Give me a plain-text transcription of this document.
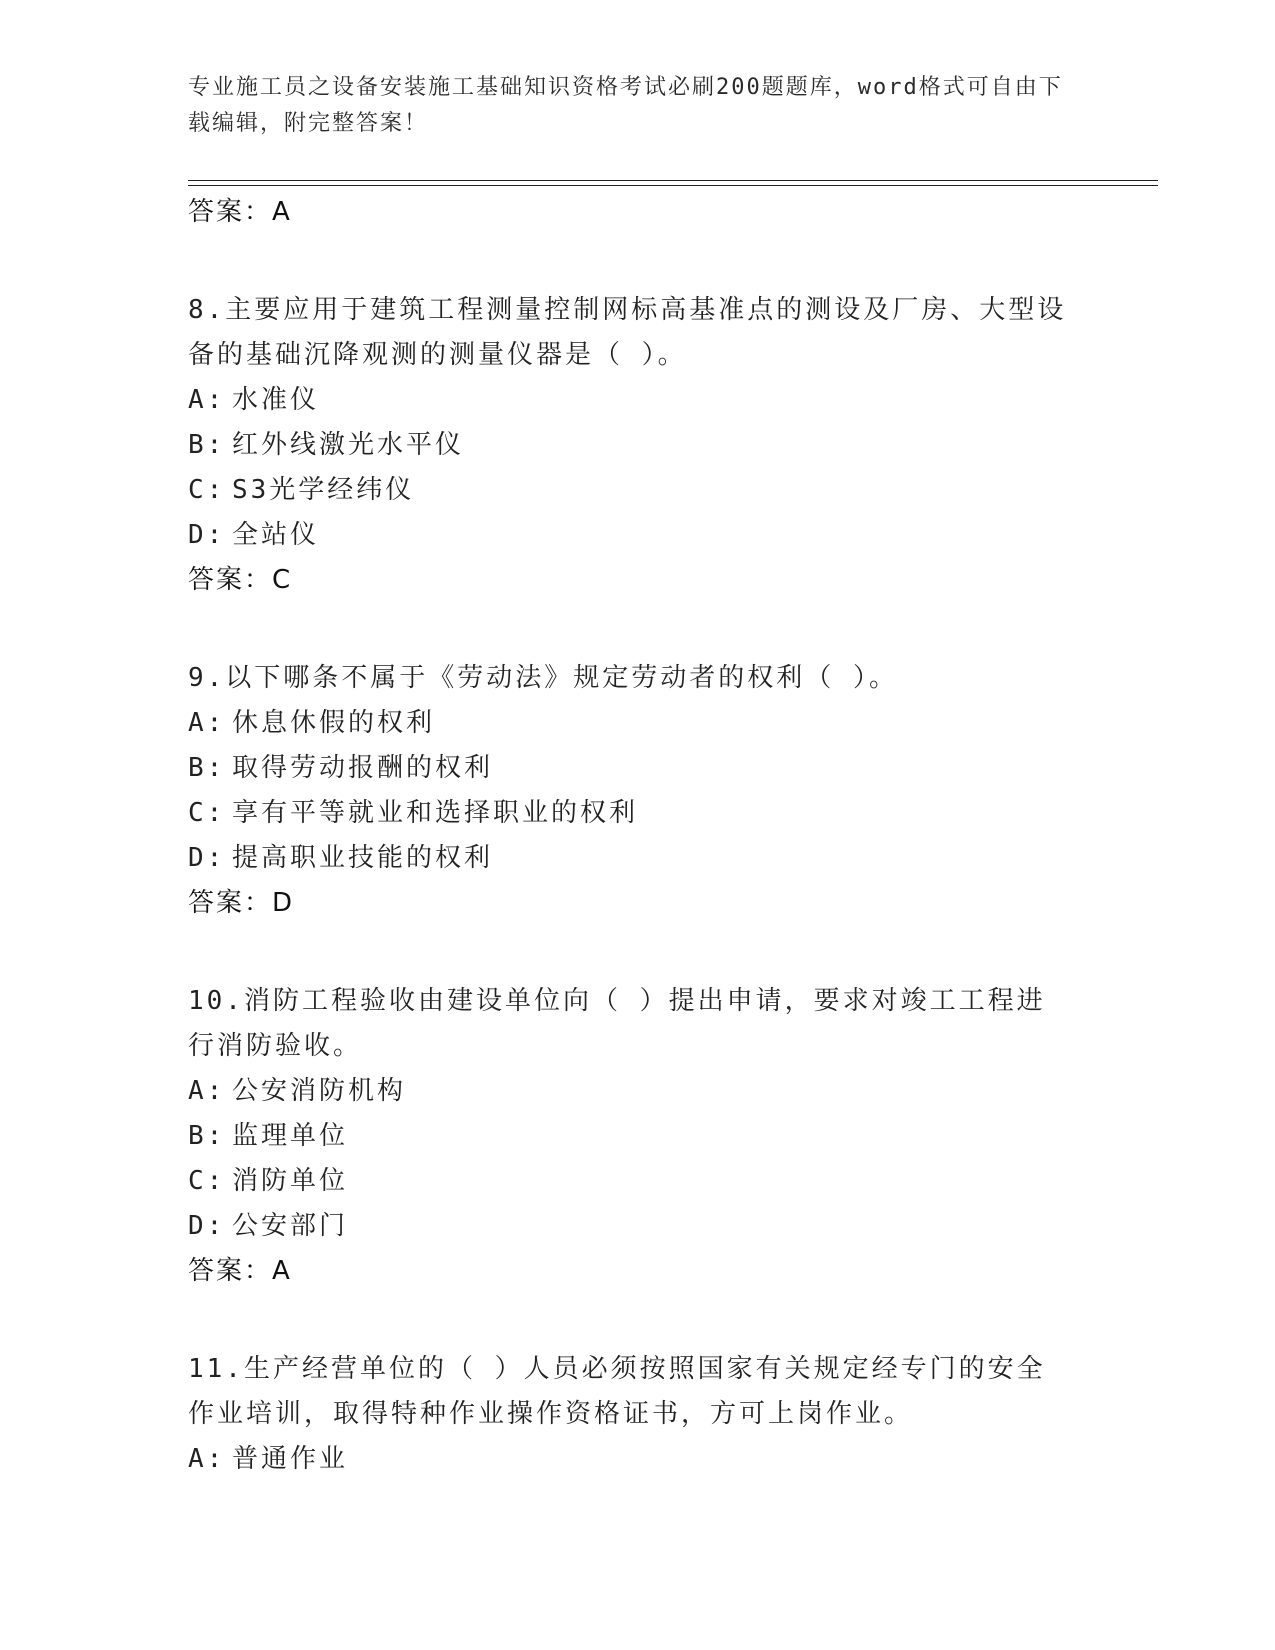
专业施工员之设备安装施工基础知识资格考试必刷200题题库，word格式可自由下载编辑，附完整答案！

答案：A

8.主要应用于建筑工程测量控制网标高基准点的测设及厂房、大型设备的基础沉降观测的测量仪器是（ ）。

A: 水准仪

B: 红外线激光水平仪

C: S3光学经纬仪

D: 全站仪

答案：C

9.以下哪条不属于《劳动法》规定劳动者的权利（ ）。

A: 休息休假的权利

B: 取得劳动报酬的权利

C: 享有平等就业和选择职业的权利

D: 提高职业技能的权利

答案：D

10.消防工程验收由建设单位向（ ）提出申请，要求对竣工工程进行消防验收。

A: 公安消防机构

B: 监理单位

C: 消防单位

D: 公安部门

答案：A

11.生产经营单位的（ ）人员必须按照国家有关规定经专门的安全作业培训，取得特种作业操作资格证书，方可上岗作业。

A: 普通作业
